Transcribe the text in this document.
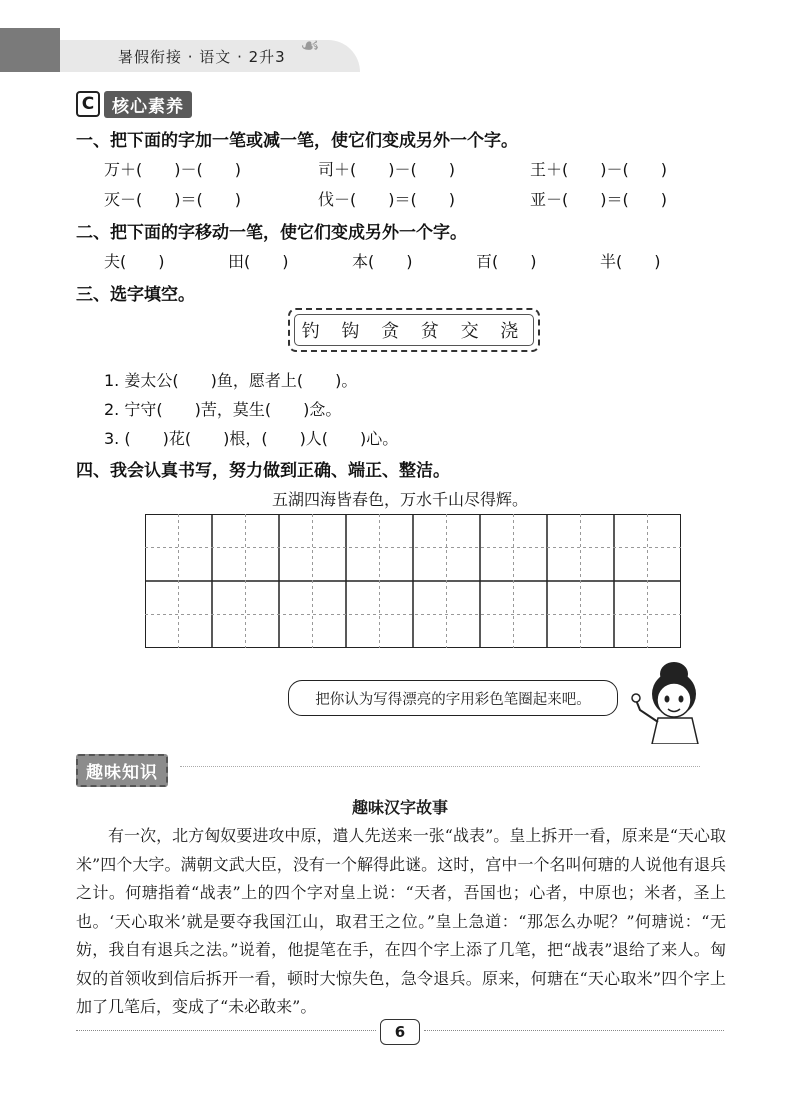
暑假衔接 · 语文 · 2升3 ☙
C	核心素养
一、把下面的字加一笔或减一笔，使它们变成另外一个字。
万＋(　　)－(　　)	司＋(　　)－(　　)	王＋(　　)－(　　)
灭－(　　)＝(　　)	伐－(　　)＝(　　)	亚－(　　)＝(　　)
二、把下面的字移动一笔，使它们变成另外一个字。
夫(　　)	田(　　)	本(　　)	百(　　)	半(　　)
三、选字填空。
钓 钩 贪 贫 交 浇
1. 姜太公(　　)鱼，愿者上(　　)。
2. 宁守(　　)苦，莫生(　　)念。
3. (　　)花(　　)根，(　　)人(　　)心。
四、我会认真书写，努力做到正确、端正、整洁。
五湖四海皆春色，万水千山尽得辉。
把你认为写得漂亮的字用彩色笔圈起来吧。
趣味知识
趣味汉字故事

有一次，北方匈奴要进攻中原，遣人先送来一张“战表”。皇上拆开一看，原来是“天心取米”四个大字。满朝文武大臣，没有一个解得此谜。这时，宫中一个名叫何瑭的人说他有退兵之计。何瑭指着“战表”上的四个字对皇上说：“天者，吾国也；心者，中原也；米者，圣上也。‘天心取米’就是要夺我国江山，取君王之位。”皇上急道：“那怎么办呢？”何瑭说：“无妨，我自有退兵之法。”说着，他提笔在手，在四个字上添了几笔，把“战表”退给了来人。匈奴的首领收到信后拆开一看，顿时大惊失色，急令退兵。原来，何瑭在“天心取米”四个字上加了几笔后，变成了“未必敢来”。

6
